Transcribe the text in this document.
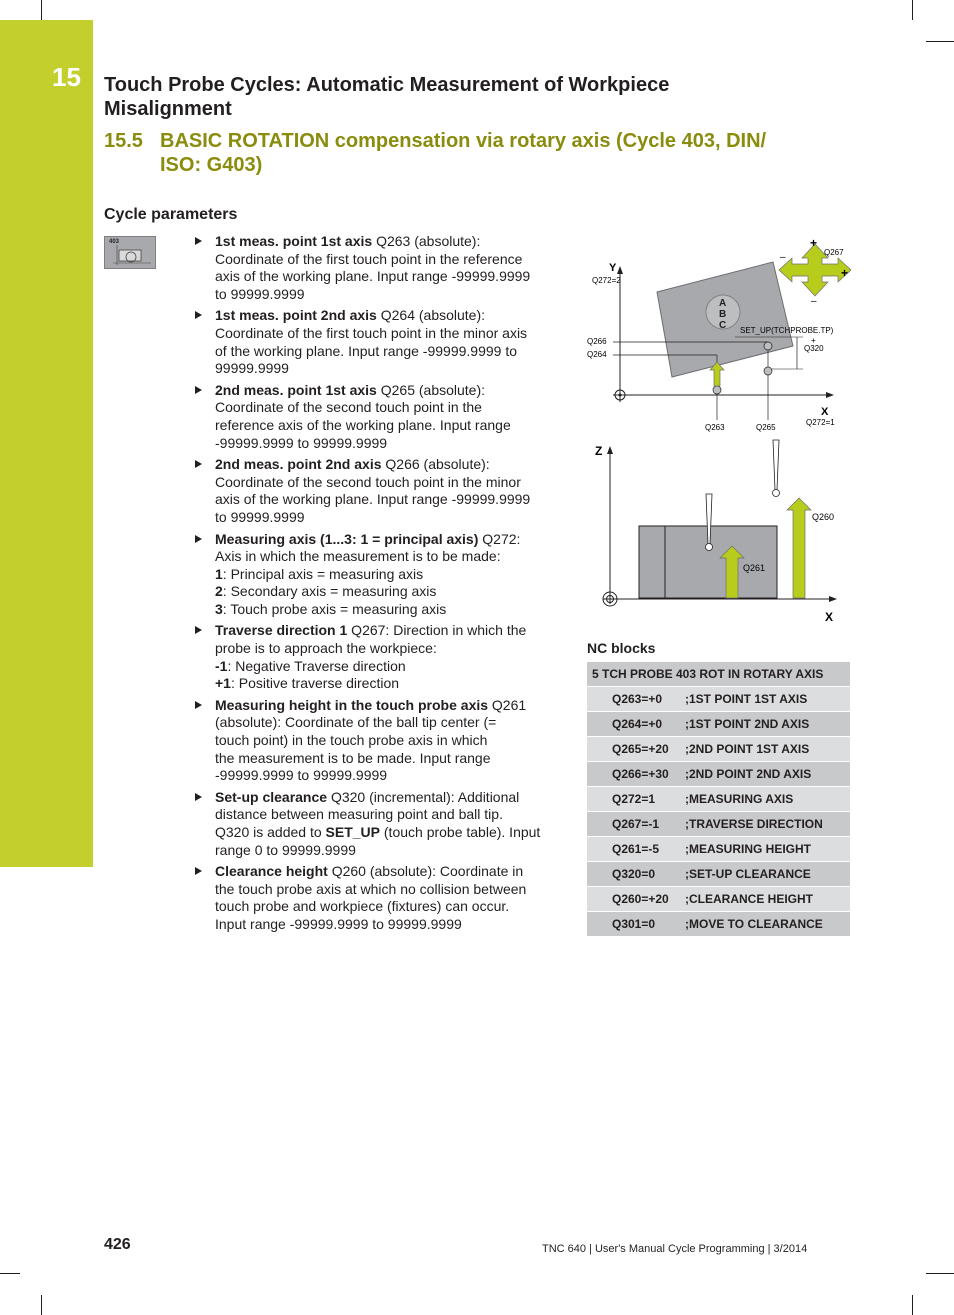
15 Touch Probe Cycles: Automatic Measurement of Workpiece
Misalignment
15.5 BASIC ROTATION compensation via rotary axis (Cycle 403, DIN/
ISO: G403)
Cycle parameters
403	1st meas. point 1st axis Q263 (absolute):
Coordinate of the first touch point in the reference
axis of the working plane. Input range -99999.9999
to 99999.9999
1st meas. point 2nd axis Q264 (absolute):
Coordinate of the first touch point in the minor axis
of the working plane. Input range -99999.9999 to
99999.9999
2nd meas. point 1st axis Q265 (absolute):
Coordinate of the second touch point in the
reference axis of the working plane. Input range
-99999.9999 to 99999.9999
2nd meas. point 2nd axis Q266 (absolute):
Coordinate of the second touch point in the minor
axis of the working plane. Input range -99999.9999
to 99999.9999
Measuring axis (1...3: 1 = principal axis) Q272:
Axis in which the measurement is to be made:
1: Principal axis = measuring axis
2: Secondary axis = measuring axis
3: Touch probe axis = measuring axis
Traverse direction 1 Q267: Direction in which the
probe is to approach the workpiece:
-1: Negative Traverse direction
+1: Positive traverse direction
Measuring height in the touch probe axis Q261
(absolute): Coordinate of the ball tip center (=
touch point) in the touch probe axis in which
the measurement is to be made. Input range
-99999.9999 to 99999.9999
Set-up clearance Q320 (incremental): Additional
distance between measuring point and ball tip.
Q320 is added to SET_UP (touch probe table). Input
range 0 to 99999.9999
Clearance height Q260 (absolute): Coordinate in
the touch probe axis at which no collision between
touch probe and workpiece (fixtures) can occur.
Input range -99999.9999 to 99999.9999
A
B
C
Y
Q272=2
X
Q272=1
Q266
Q264
Q263	Q265
SET_UP(TCHPROBE.TP)
+
Q320
Q267
+
+
–
–
Z
X
Q261
Q260
NC blocks
5 TCH PROBE 403 ROT IN ROTARY AXIS	
Q263=+0	;1ST POINT 1ST AXIS
Q264=+0	;1ST POINT 2ND AXIS
Q265=+20	;2ND POINT 1ST AXIS
Q266=+30	;2ND POINT 2ND AXIS
Q272=1	;MEASURING AXIS
Q267=-1	;TRAVERSE DIRECTION
Q261=-5	;MEASURING HEIGHT
Q320=0	;SET-UP CLEARANCE
Q260=+20	;CLEARANCE HEIGHT
Q301=0	;MOVE TO CLEARANCE
426	TNC 640 | User's Manual Cycle Programming | 3/2014
